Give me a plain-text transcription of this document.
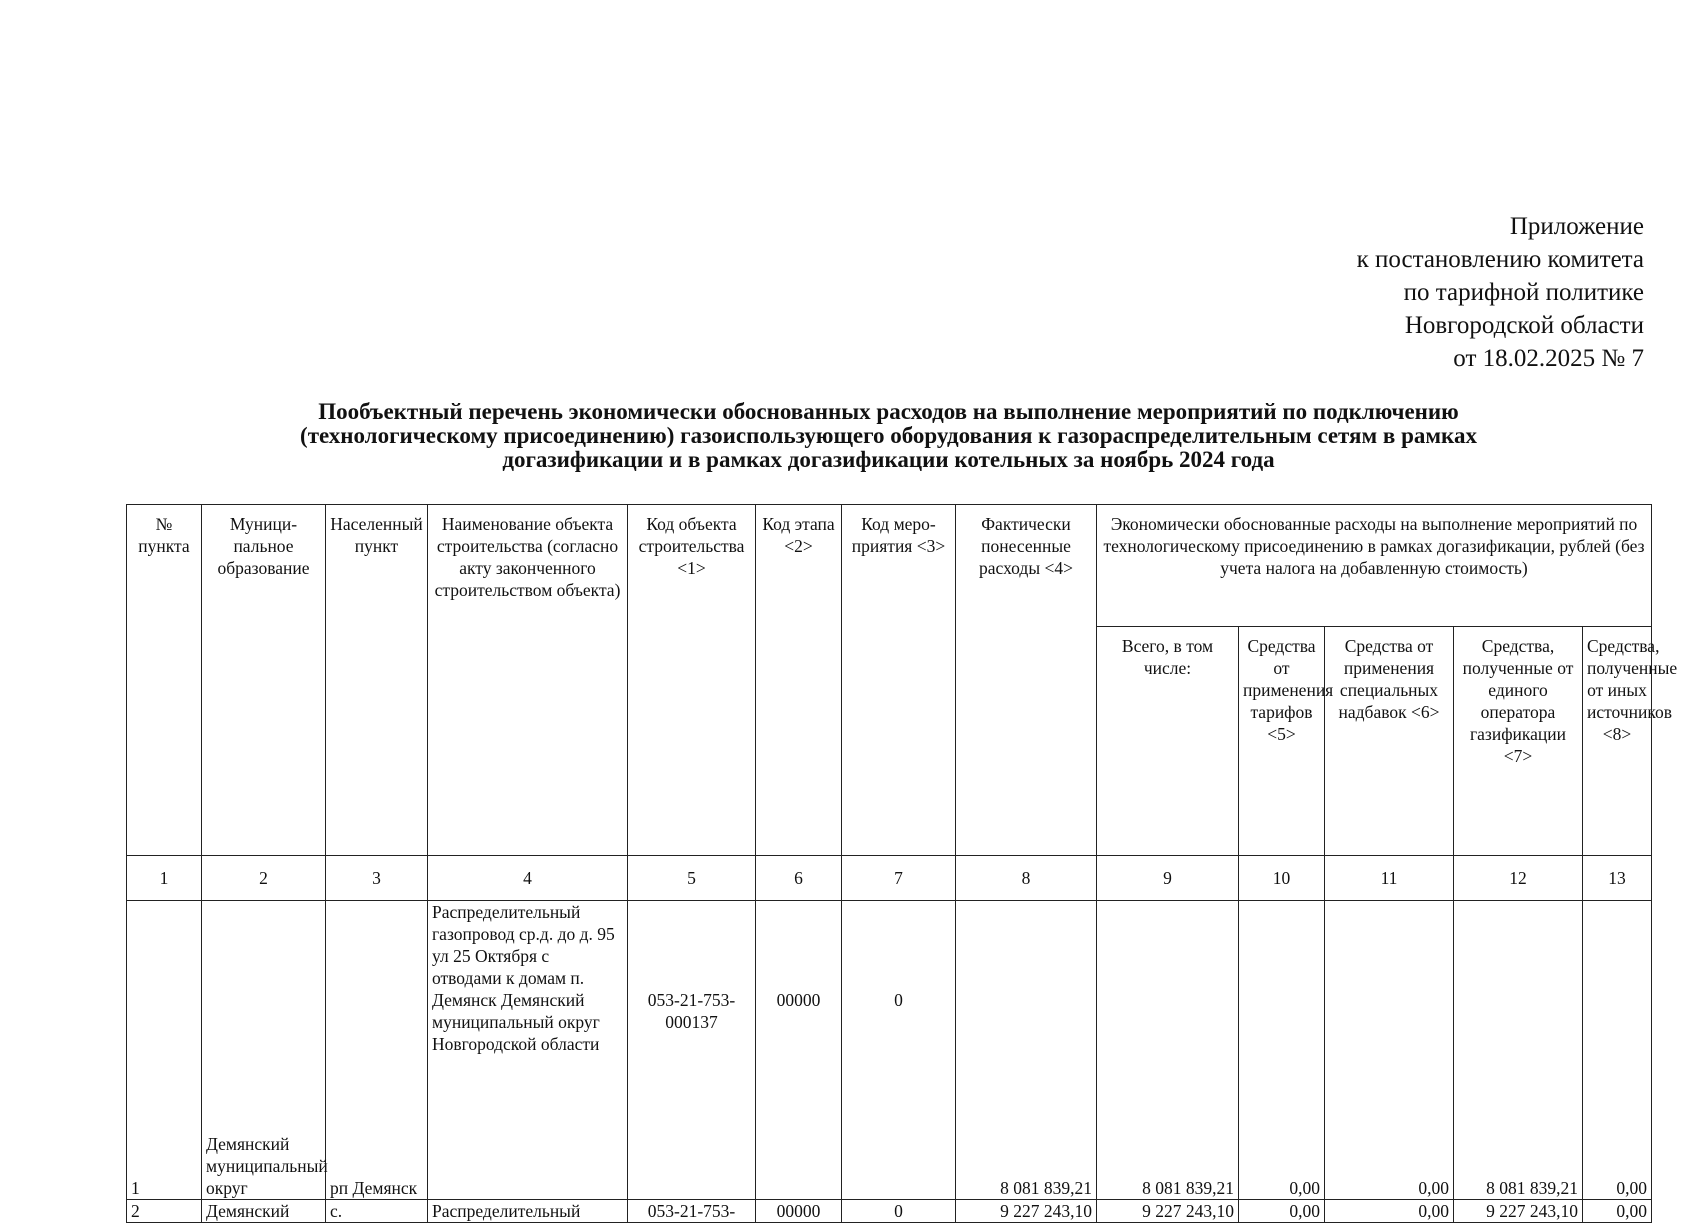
Приложение
к постановлению комитета
по тарифной политике
Новгородской области
от 18.02.2025 № 7
Пообъектный перечень экономически обоснованных расходов на выполнение мероприятий по подключению
(технологическому присоединению) газоиспользующего оборудования к газораспределительным сетям в рамках
догазификации и в рамках догазификации котельных за ноябрь 2024 года
№ пункта	Муници-пальное образование	Населенный пункт	Наименование объекта строительства (согласно акту законченного строительством объекта)	Код объекта строительства <1>	Код этапа <2>	Код меро-приятия <3>	Фактически понесенные расходы <4>	Экономически обоснованные расходы на выполнение мероприятий по технологическому присоединению в рамках догазификации, рублей (без учета налога на добавленную стоимость)				
								Всего, в том числе:	Средства от применения тарифов <5>	Средства от применения специальных надбавок <6>	Средства, полученные от единого оператора газификации <7>	Средства, полученные от иных источников <8>
1	2	3	4	5	6	7	8	9	10	11	12	13
1	Демянский муниципальный округ	рп Демянск	Распределительный газопровод ср.д. до д. 95 ул 25 Октября с отводами к домам п. Демянск Демянский муниципальный округ Новгородской области	053-21-753-000137	00000	0	8 081 839,21	8 081 839,21	0,00	0,00	8 081 839,21	0,00
2	Демянский	с.	Распределительный	053-21-753-	00000	0	9 227 243,10	9 227 243,10	0,00	0,00	9 227 243,10	0,00
